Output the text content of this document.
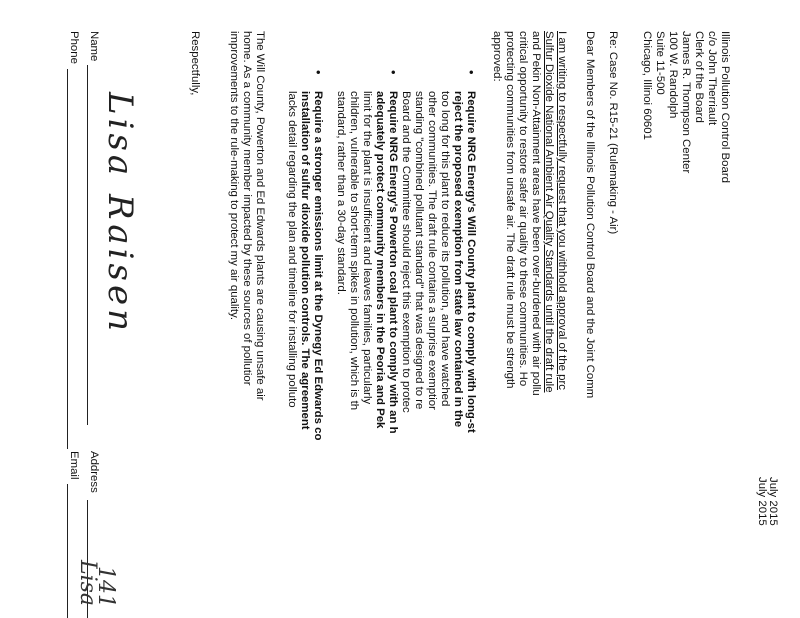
July 2015
July 2015
Illinois Pollution Control Board
c/o John Therriault
Clerk of the Board
James R. Thompson Center
100 W. Randolph
Suite 11-500
Chicago, Illinoi 60601
Re: Case No. R15-21 (Rulemaking - Air)
Dear Members of the Illinois Pollution Control Board and the Joint Comm
I am writing to respectfully request that you withhold approval of the prc
Sulfur Dioxide National Ambient Air Quality Standards until the draft rule
and Pekin Non-Attainment areas have been over-burdened with air pollu
critical opportunity to restore safer air quality to these communities. Ho
protecting communities from unsafe air. The draft rule must be strength
approved:
•
Require NRG Energy's Will County plant to comply with long-st
reject the proposed exemption from state law contained in the
too long for this plant to reduce its pollution, and have watched
other communities. The draft rule contains a surprise exemptior
standing "combined pollutant standard" that was designed to re
Board and the Committee should reject this exemption to protec
•
Require NRG Energy's Powerton coal plant to comply with an h
adequately protect community members in the Peoria and Pek
limit for the plant is insufficient and leaves families, particularly
children, vulnerable to short-term spikes in pollution, which is th
standard, rather than a 30-day standard.
•
Require a stronger emissions limit at the Dynegy Ed Edwards co
installation of sulfur dioxide pollution controls. The agreement
lacks detail regarding the plan and timeline for installing polluto
The Will County, Powerton and Ed Edwards plants are causing unsafe air
home. As a community member impacted by these sources of pollutior
improvements to the rule-making to protect my air quality.
Respectfully,
Name
Lisa Raisen
Address
141
Phone
Email
Lisa
